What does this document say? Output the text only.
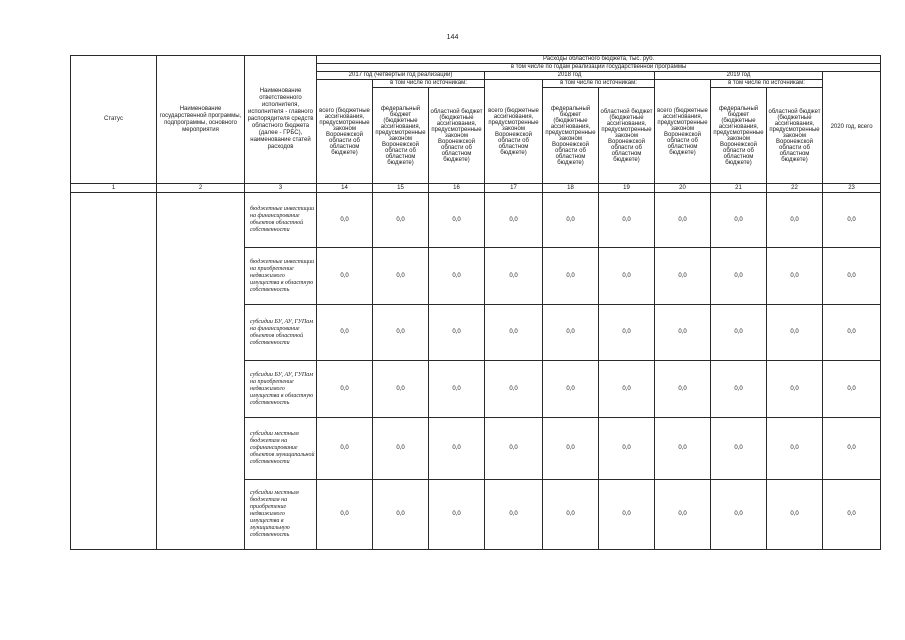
144
Статус	Наименование государственной программы, подпрограммы, основного мероприятия	Наименование ответственного исполнителя, исполнителя - главного распорядителя средств областного бюджета (далее - ГРБС), наименование статей расходов	Расходы областного бюджета, тыс. руб.									
			в том числе по годам реализации государственной программы									
			2017 год (четвертый год реализации)			2018 год			2019 год			2020 год, всего
			всего (бюджетные ассигнования, предусмотренные законом Воронежской области об областном бюджете)	в том числе по источникам:		всего (бюджетные ассигнования, предусмотренные законом Воронежской области об областном бюджете)	в том числе по источникам:		всего (бюджетные ассигнования, предусмотренные законом Воронежской области об областном бюджете)	в том числе по источникам:		
				федеральный бюджет (бюджетные ассигнования, предусмотренные законом Воронежской области об областном бюджете)	областной бюджет (бюджетные ассигнования, предусмотренные законом Воронежской области об областном бюджете)		федеральный бюджет (бюджетные ассигнования, предусмотренные законом Воронежской области об областном бюджете)	областной бюджет (бюджетные ассигнования, предусмотренные законом Воронежской области об областном бюджете)		федеральный бюджет (бюджетные ассигнования, предусмотренные законом Воронежской области об областном бюджете)	областной бюджет (бюджетные ассигнования, предусмотренные законом Воронежской области об областном бюджете)	
1	2	3	14	15	16	17	18	19	20	21	22	23
		бюджетные инвестиции на финансирование объектов областной собственности	0,0	0,0	0,0	0,0	0,0	0,0	0,0	0,0	0,0	0,0
		бюджетные инвестиции на приобретение недвижимого имущества в областную собственность	0,0	0,0	0,0	0,0	0,0	0,0	0,0	0,0	0,0	0,0
		субсидии БУ, АУ, ГУПам на финансирование объектов областной собственности	0,0	0,0	0,0	0,0	0,0	0,0	0,0	0,0	0,0	0,0
		субсидии БУ, АУ, ГУПам на приобретение недвижимого имущества в областную собственность	0,0	0,0	0,0	0,0	0,0	0,0	0,0	0,0	0,0	0,0
		субсидии местным бюджетам на софинансирование объектов муниципальной собственности	0,0	0,0	0,0	0,0	0,0	0,0	0,0	0,0	0,0	0,0
		субсидии местным бюджетам на приобретение недвижимого имущества в муниципальную собственность	0,0	0,0	0,0	0,0	0,0	0,0	0,0	0,0	0,0	0,0
